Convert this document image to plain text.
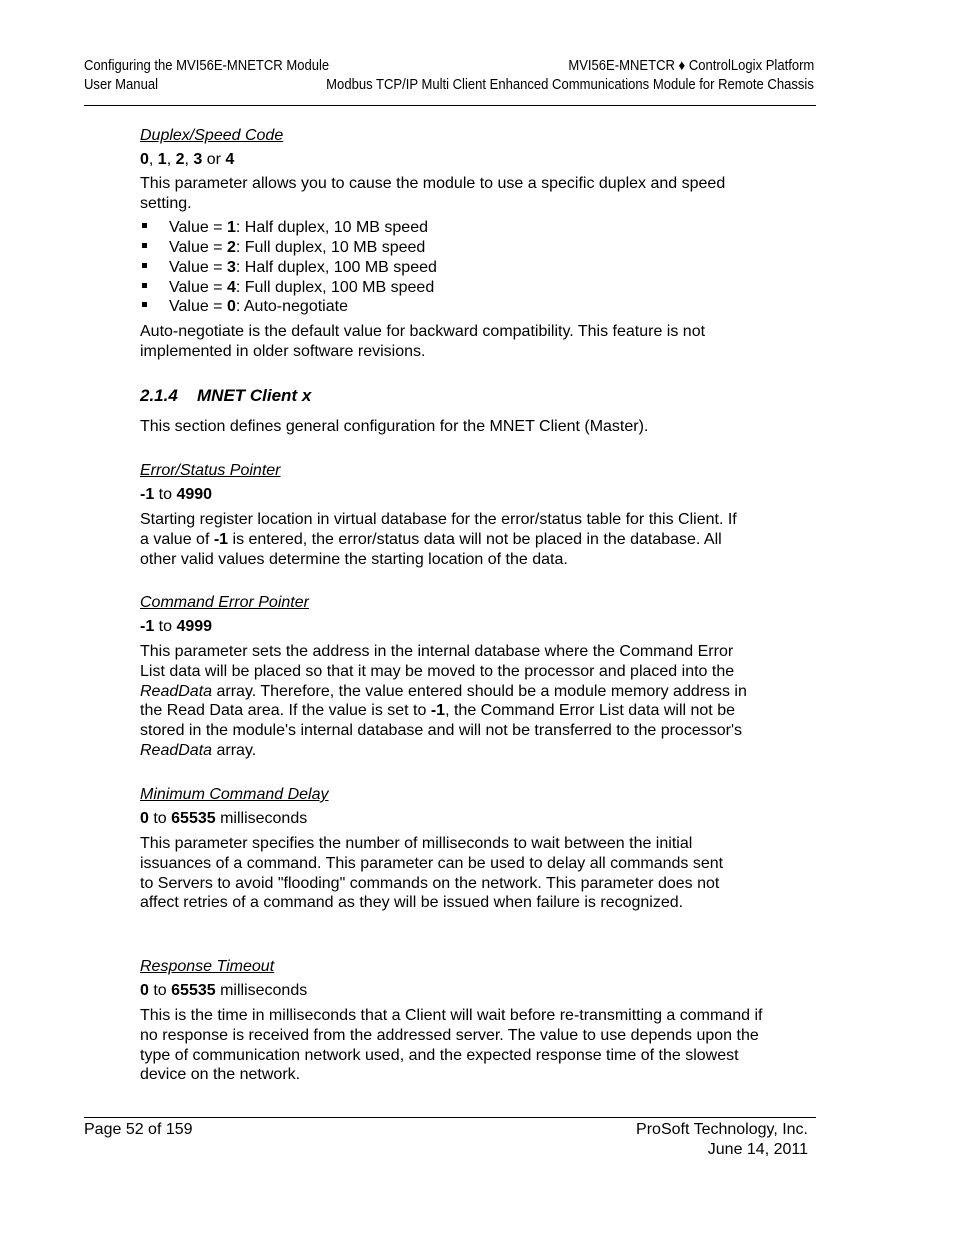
Configuring the MVI56E-MNETCR Module
User Manual
MVI56E-MNETCR ♦ ControlLogix Platform
Modbus TCP/IP Multi Client Enhanced Communications Module for Remote Chassis
Duplex/Speed Code
0, 1, 2, 3 or 4

This parameter allows you to cause the module to use a specific duplex and speed setting.

Value = 1: Half duplex, 10 MB speed
Value = 2: Full duplex, 10 MB speed
Value = 3: Half duplex, 100 MB speed
Value = 4: Full duplex, 100 MB speed
Value = 0: Auto-negotiate

Auto-negotiate is the default value for backward compatibility. This feature is not implemented in older software revisions.

2.1.4 MNET Client x

This section defines general configuration for the MNET Client (Master).

Error/Status Pointer
-1 to 4990

Starting register location in virtual database for the error/status table for this Client. If a value of -1 is entered, the error/status data will not be placed in the database. All other valid values determine the starting location of the data.

Command Error Pointer
-1 to 4999

This parameter sets the address in the internal database where the Command Error List data will be placed so that it may be moved to the processor and placed into the ReadData array. Therefore, the value entered should be a module memory address in the Read Data area. If the value is set to -1, the Command Error List data will not be stored in the module's internal database and will not be transferred to the processor's ReadData array.

Minimum Command Delay
0 to 65535 milliseconds

This parameter specifies the number of milliseconds to wait between the initial issuances of a command. This parameter can be used to delay all commands sent to Servers to avoid "flooding" commands on the network. This parameter does not affect retries of a command as they will be issued when failure is recognized.

Response Timeout
0 to 65535 milliseconds

This is the time in milliseconds that a Client will wait before re-transmitting a command if no response is received from the addressed server. The value to use depends upon the type of communication network used, and the expected response time of the slowest device on the network.

Page 52 of 159	ProSoft Technology, Inc.
June 14, 2011
